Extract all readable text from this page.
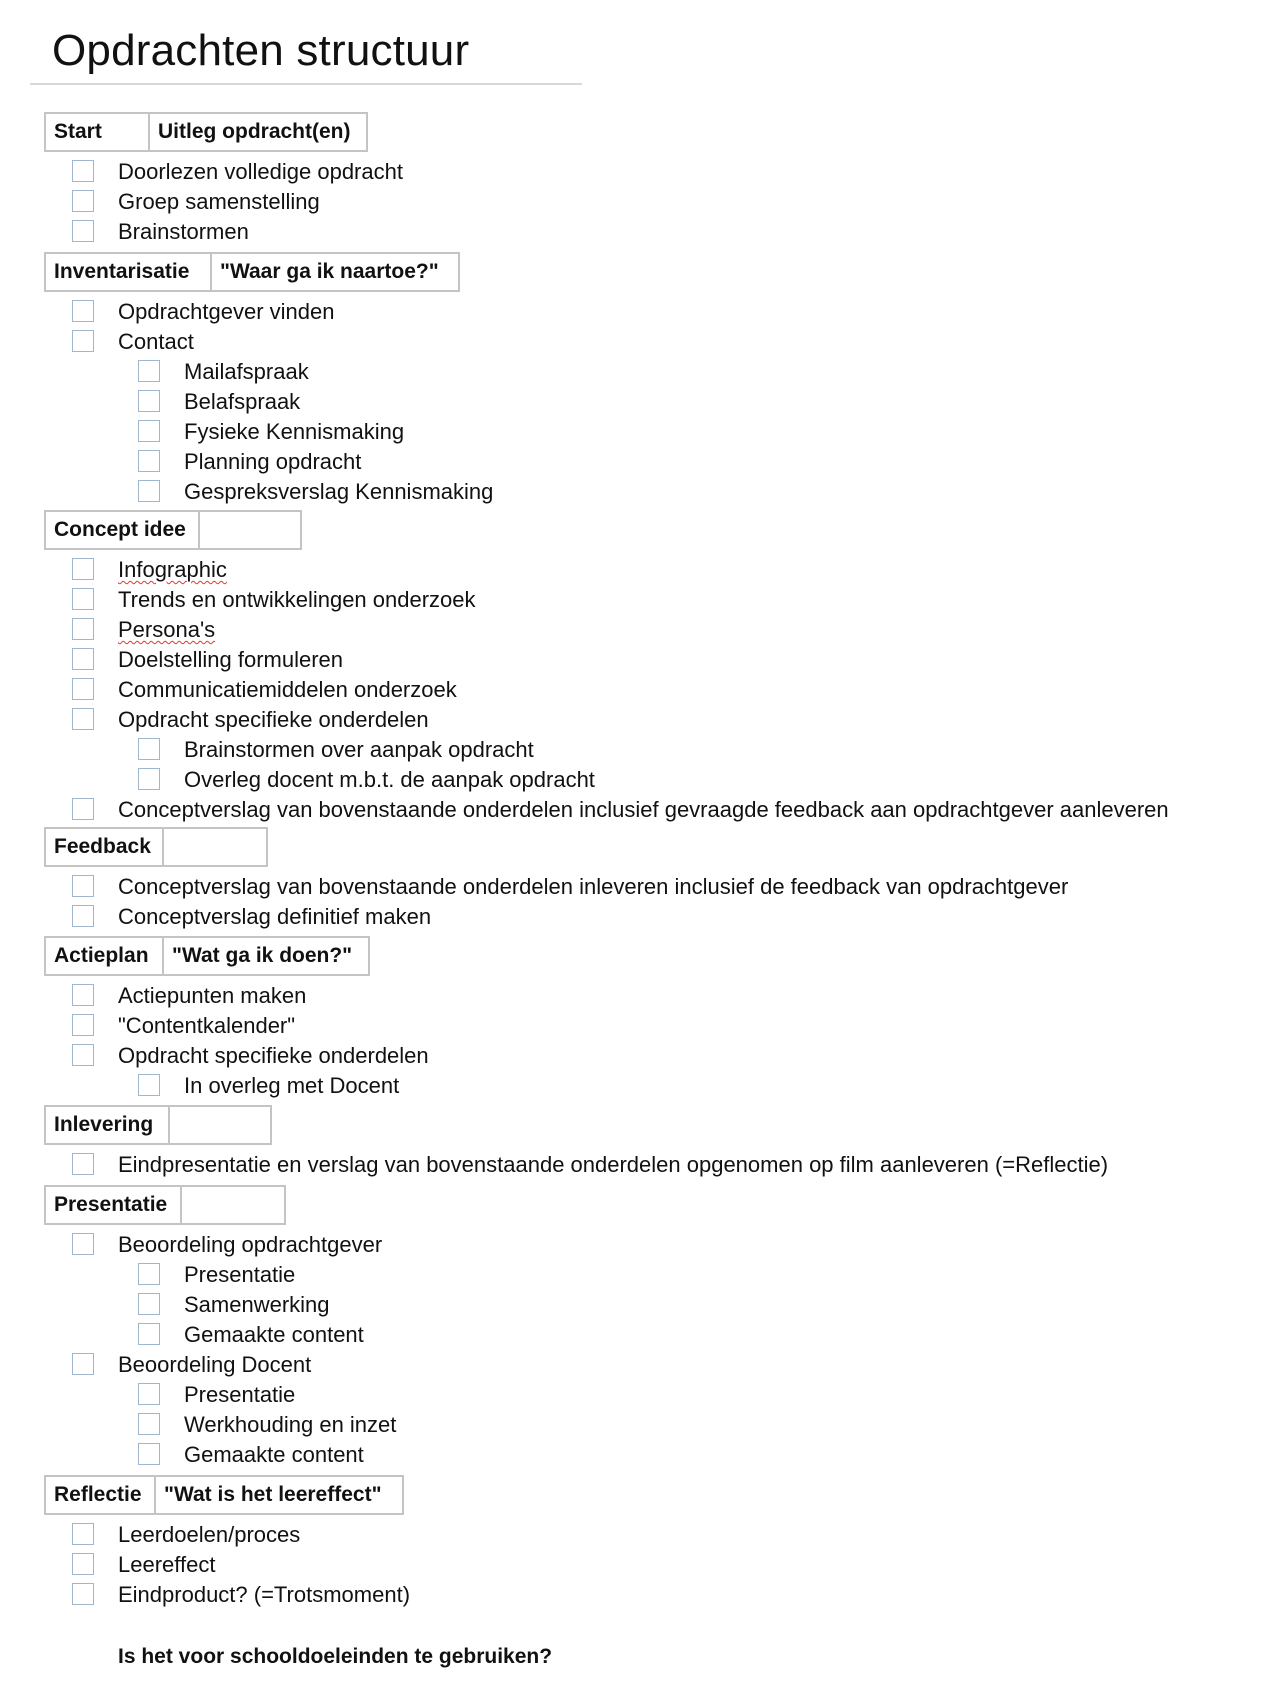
Opdrachten structuur
Start	Uitleg opdracht(en)
Doorlezen volledige opdracht
Groep samenstelling
Brainstormen
Inventarisatie	"Waar ga ik naartoe?"
Opdrachtgever vinden
Contact
Mailafspraak
Belafspraak
Fysieke Kennismaking
Planning opdracht
Gespreksverslag Kennismaking
Concept idee
Infographic
Trends en ontwikkelingen onderzoek
Persona's
Doelstelling formuleren
Communicatiemiddelen onderzoek
Opdracht specifieke onderdelen
Brainstormen over aanpak opdracht
Overleg docent m.b.t. de aanpak opdracht
Conceptverslag van bovenstaande onderdelen inclusief gevraagde feedback aan opdrachtgever aanleveren
Feedback
Conceptverslag van bovenstaande onderdelen inleveren inclusief de feedback van opdrachtgever
Conceptverslag definitief maken
Actieplan	"Wat ga ik doen?"
Actiepunten maken
"Contentkalender"
Opdracht specifieke onderdelen
In overleg met Docent
Inlevering
Eindpresentatie en verslag van bovenstaande onderdelen opgenomen op film aanleveren (=Reflectie)
Presentatie
Beoordeling opdrachtgever
Presentatie
Samenwerking
Gemaakte content
Beoordeling Docent
Presentatie
Werkhouding en inzet
Gemaakte content
Reflectie	"Wat is het leereffect"
Leerdoelen/proces
Leereffect
Eindproduct? (=Trotsmoment)
Is het voor schooldoeleinden te gebruiken?
